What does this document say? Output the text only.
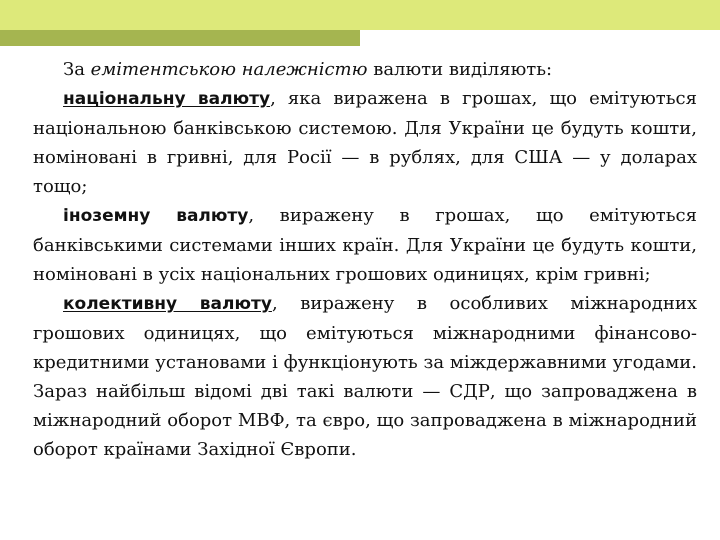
За емітентською належністю валюти виділяють:

національну валюту, яка виражена в грошах, що емітуються національною банківською системою. Для України це будуть кошти, номіновані в гривні, для Росії — в рублях, для США — у доларах тощо;

іноземну валюту, виражену в грошах, що емітуються банківськими системами інших країн. Для України це будуть кошти, номіновані в усіх національних грошових одиницях, крім гривні;

колективну валюту, виражену в особливих міжнародних грошових одиницях, що емітуються міжнародними фінансово-кредитними установами і функціонують за міждержавними угодами. Зараз найбільш відомі дві такі валюти — СДР, що запроваджена в міжнародний оборот МВФ, та євро, що запроваджена в міжнародний оборот країнами Західної Європи.
